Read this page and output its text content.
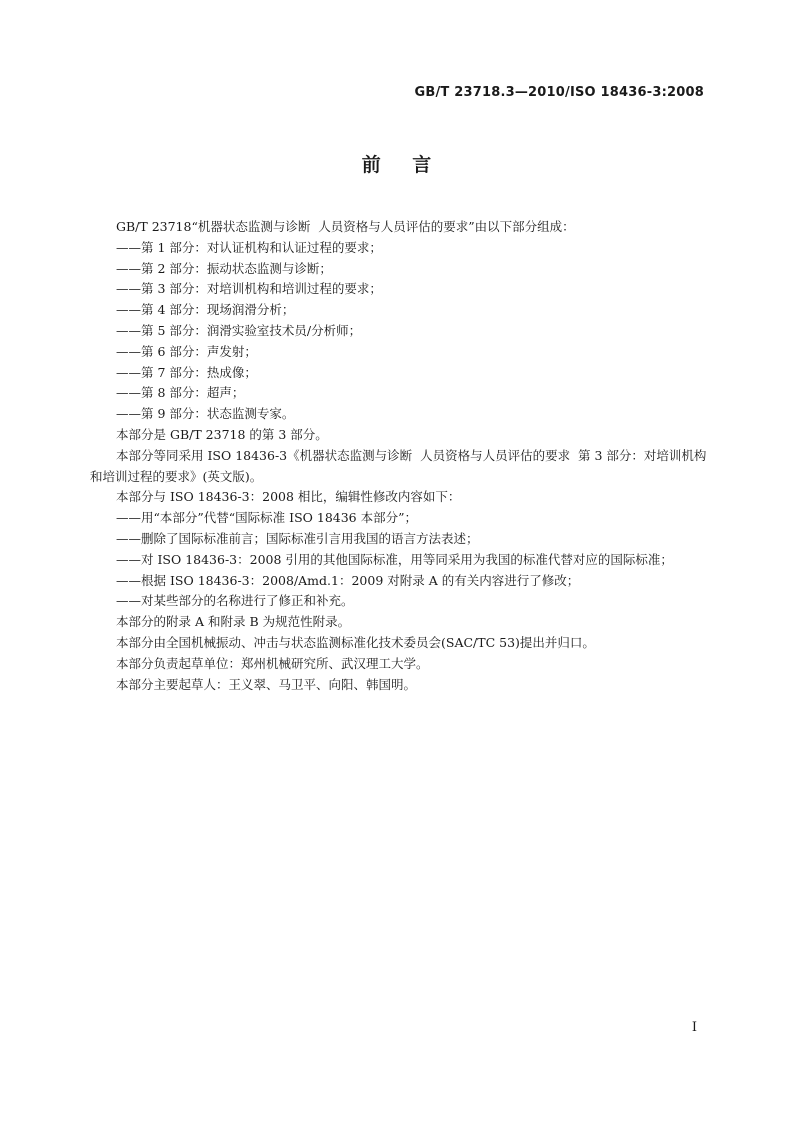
GB/T 23718.3—2010/ISO 18436-3:2008
前    言

GB/T 23718“机器状态监测与诊断  人员资格与人员评估的要求”由以下部分组成：

——第 1 部分：对认证机构和认证过程的要求；

——第 2 部分：振动状态监测与诊断；

——第 3 部分：对培训机构和培训过程的要求；

——第 4 部分：现场润滑分析；

——第 5 部分：润滑实验室技术员/分析师；

——第 6 部分：声发射；

——第 7 部分：热成像；

——第 8 部分：超声；

——第 9 部分：状态监测专家。

本部分是 GB/T 23718 的第 3 部分。

本部分等同采用 ISO 18436-3《机器状态监测与诊断  人员资格与人员评估的要求  第 3 部分：对培训机构和培训过程的要求》(英文版)。

本部分与 ISO 18436-3：2008 相比，编辑性修改内容如下：

——用“本部分”代替“国际标准 ISO 18436 本部分”；

——删除了国际标准前言；国际标准引言用我国的语言方法表述；

——对 ISO 18436-3：2008 引用的其他国际标准，用等同采用为我国的标准代替对应的国际标准；

——根据 ISO 18436-3：2008/Amd.1：2009 对附录 A 的有关内容进行了修改；

——对某些部分的名称进行了修正和补充。

本部分的附录 A 和附录 B 为规范性附录。

本部分由全国机械振动、冲击与状态监测标准化技术委员会(SAC/TC 53)提出并归口。

本部分负责起草单位：郑州机械研究所、武汉理工大学。

本部分主要起草人：王义翠、马卫平、向阳、韩国明。

I
